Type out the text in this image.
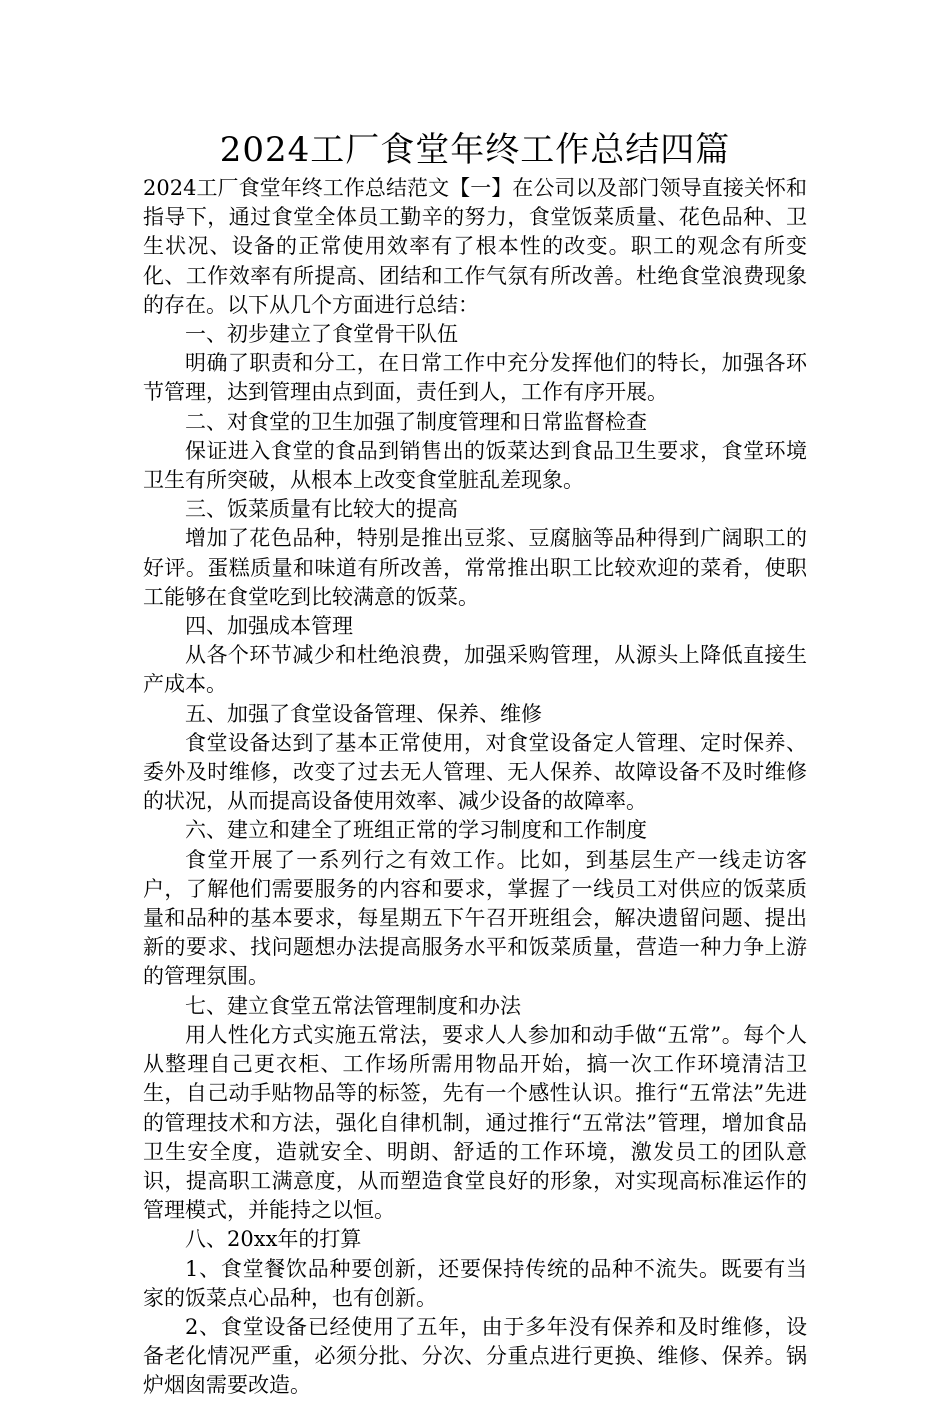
2024工厂食堂年终工作总结四篇

2024工厂食堂年终工作总结范文【一】在公司以及部门领导直接关怀和指导下，通过食堂全体员工勤辛的努力，食堂饭菜质量、花色品种、卫生状况、设备的正常使用效率有了根本性的改变。职工的观念有所变化、工作效率有所提高、团结和工作气氛有所改善。杜绝食堂浪费现象的存在。以下从几个方面进行总结：

一、初步建立了食堂骨干队伍

明确了职责和分工，在日常工作中充分发挥他们的特长，加强各环节管理，达到管理由点到面，责任到人，工作有序开展。

二、对食堂的卫生加强了制度管理和日常监督检查

保证进入食堂的食品到销售出的饭菜达到食品卫生要求，食堂环境卫生有所突破，从根本上改变食堂脏乱差现象。

三、饭菜质量有比较大的提高

增加了花色品种，特别是推出豆浆、豆腐脑等品种得到广阔职工的好评。蛋糕质量和味道有所改善，常常推出职工比较欢迎的菜肴，使职工能够在食堂吃到比较满意的饭菜。

四、加强成本管理

从各个环节减少和杜绝浪费，加强采购管理，从源头上降低直接生产成本。

五、加强了食堂设备管理、保养、维修

食堂设备达到了基本正常使用，对食堂设备定人管理、定时保养、委外及时维修，改变了过去无人管理、无人保养、故障设备不及时维修的状况，从而提高设备使用效率、减少设备的故障率。

六、建立和建全了班组正常的学习制度和工作制度

食堂开展了一系列行之有效工作。比如，到基层生产一线走访客户，了解他们需要服务的内容和要求，掌握了一线员工对供应的饭菜质量和品种的基本要求，每星期五下午召开班组会，解决遗留问题、提出新的要求、找问题想办法提高服务水平和饭菜质量，营造一种力争上游的管理氛围。

七、建立食堂五常法管理制度和办法

用人性化方式实施五常法，要求人人参加和动手做“五常”。每个人从整理自己更衣柜、工作场所需用物品开始，搞一次工作环境清洁卫生，自己动手贴物品等的标签，先有一个感性认识。推行“五常法”先进的管理技术和方法，强化自律机制，通过推行“五常法”管理，增加食品卫生安全度，造就安全、明朗、舒适的工作环境，激发员工的团队意识，提高职工满意度，从而塑造食堂良好的形象，对实现高标准运作的管理模式，并能持之以恒。

八、20xx年的打算

1、食堂餐饮品种要创新，还要保持传统的品种不流失。既要有当家的饭菜点心品种，也有创新。

2、食堂设备已经使用了五年，由于多年没有保养和及时维修，设备老化情况严重，必须分批、分次、分重点进行更换、维修、保养。锅炉烟囱需要改造。
